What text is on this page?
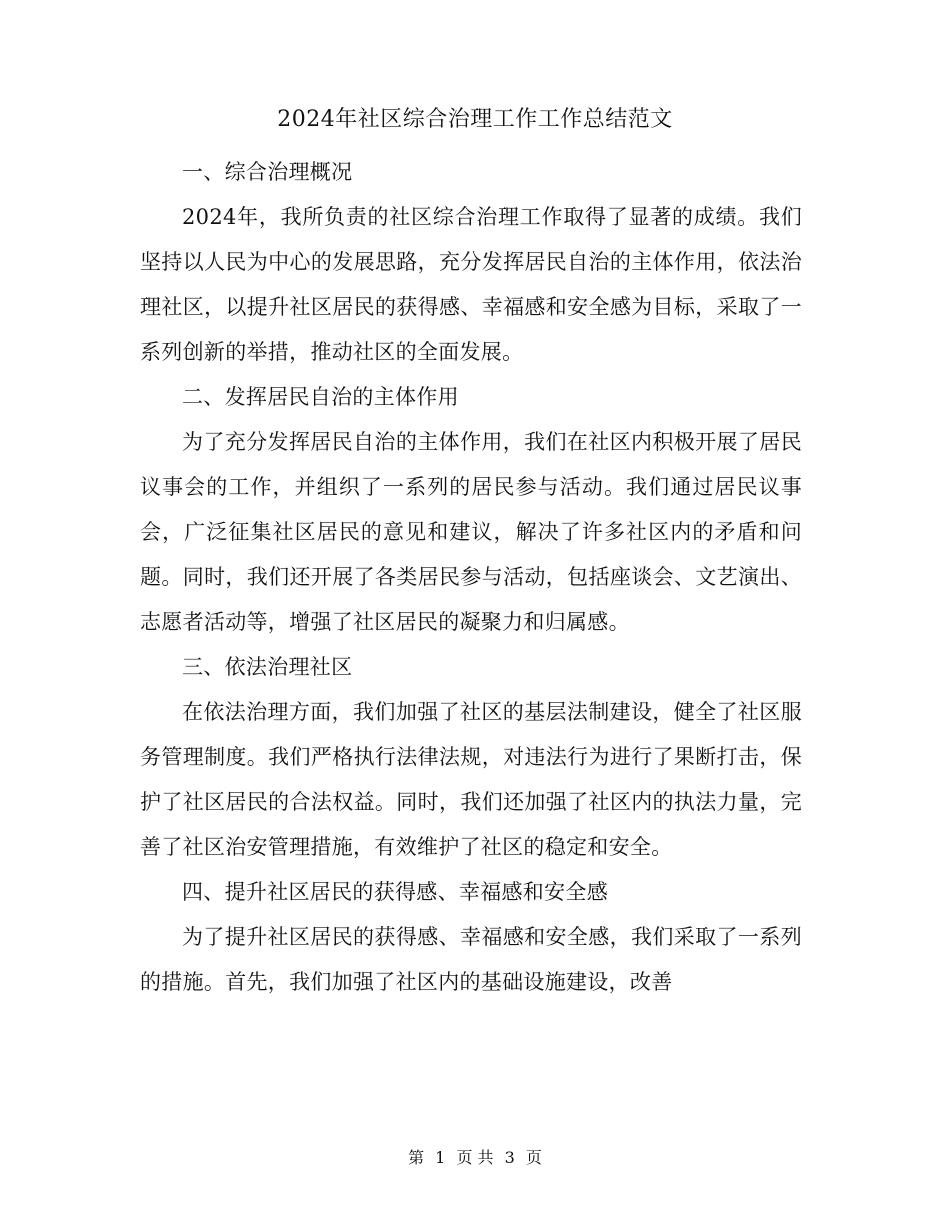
2024年社区综合治理工作工作总结范文

一、综合治理概况

2024年，我所负责的社区综合治理工作取得了显著的成绩。我们坚持以人民为中心的发展思路，充分发挥居民自治的主体作用，依法治理社区，以提升社区居民的获得感、幸福感和安全感为目标，采取了一系列创新的举措，推动社区的全面发展。

二、发挥居民自治的主体作用

为了充分发挥居民自治的主体作用，我们在社区内积极开展了居民议事会的工作，并组织了一系列的居民参与活动。我们通过居民议事会，广泛征集社区居民的意见和建议，解决了许多社区内的矛盾和问题。同时，我们还开展了各类居民参与活动，包括座谈会、文艺演出、志愿者活动等，增强了社区居民的凝聚力和归属感。

三、依法治理社区

在依法治理方面，我们加强了社区的基层法制建设，健全了社区服务管理制度。我们严格执行法律法规，对违法行为进行了果断打击，保护了社区居民的合法权益。同时，我们还加强了社区内的执法力量，完善了社区治安管理措施，有效维护了社区的稳定和安全。

四、提升社区居民的获得感、幸福感和安全感

为了提升社区居民的获得感、幸福感和安全感，我们采取了一系列的措施。首先，我们加强了社区内的基础设施建设，改善

第 1 页 共 3 页
